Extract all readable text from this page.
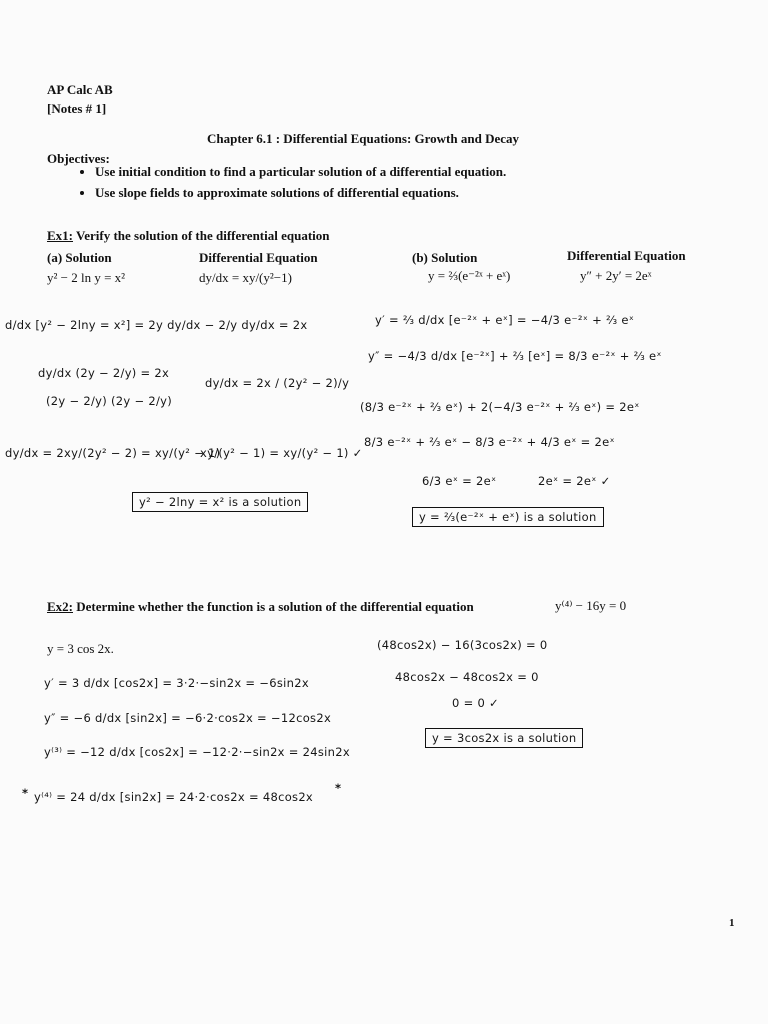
AP Calc AB
[Notes # 1]
Chapter 6.1 : Differential Equations: Growth and Decay
Objectives:
• Use initial condition to find a particular solution of a differential equation.
• Use slope fields to approximate solutions of differential equations.
Ex1: Verify the solution of the differential equation
(a) Solution	Differential Equation
y² − 2 ln y = x²	dy/dx = xy/(y²−1)
d/dx [y² − 2lny = x²] = 2y dy/dx − 2/y dy/dx = 2x
dy/dx (2y − 2/y) = 2x
(2y − 2/y) (2y − 2/y)
dy/dx = 2x / (2y² − 2)/y
dy/dx = 2xy/(2y² − 2) = xy/(y² − 1)
xy/(y² − 1) = xy/(y² − 1) ✓
y² − 2lny = x² is a solution
(b) Solution	Differential Equation
y = ⅔(e⁻²ˣ + eˣ)	y″ + 2y′ = 2eˣ
y′ = ⅔ d/dx [e⁻²ˣ + eˣ] = −4/3 e⁻²ˣ + ⅔ eˣ
y″ = −4/3 d/dx [e⁻²ˣ] + ⅔ [eˣ] = 8/3 e⁻²ˣ + ⅔ eˣ
(8/3 e⁻²ˣ + ⅔ eˣ) + 2(−4/3 e⁻²ˣ + ⅔ eˣ) = 2eˣ
8/3 e⁻²ˣ + ⅔ eˣ − 8/3 e⁻²ˣ + 4/3 eˣ = 2eˣ
6/3 eˣ = 2eˣ	2eˣ = 2eˣ ✓
y = ⅔(e⁻²ˣ + eˣ) is a solution
Ex2: Determine whether the function is a solution of the differential equation	y⁽⁴⁾ − 16y = 0
y = 3 cos 2x.
y′ = 3 d/dx [cos2x] = 3·2·−sin2x = −6sin2x
y″ = −6 d/dx [sin2x] = −6·2·cos2x = −12cos2x
y⁽³⁾ = −12 d/dx [cos2x] = −12·2·−sin2x = 24sin2x
* y⁽⁴⁾ = 24 d/dx [sin2x] = 24·2·cos2x = 48cos2x
*
(48cos2x) − 16(3cos2x) = 0
48cos2x − 48cos2x = 0
0 = 0 ✓
y = 3cos2x is a solution
1
